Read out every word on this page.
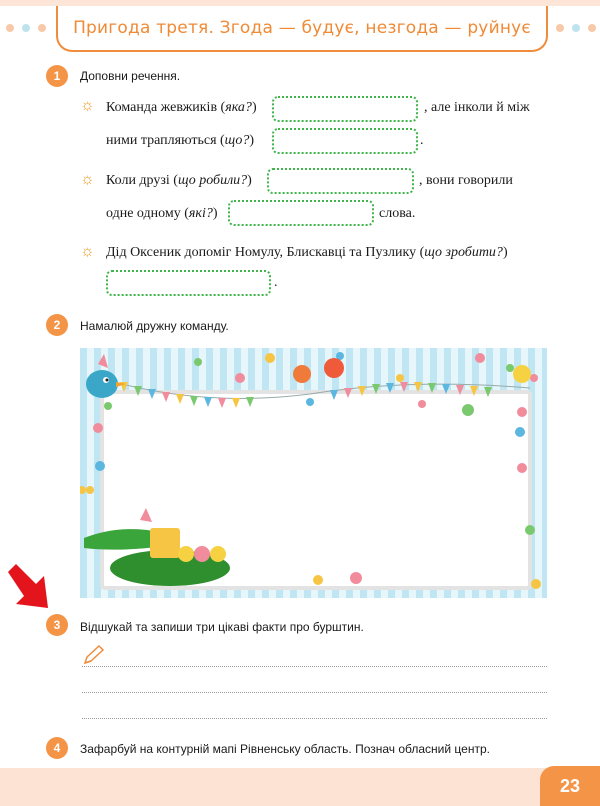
Пригода третя. Згода — будує, незгода — руйнує
1	Доповни речення.
☼ Команда жевжиків (яка?)	, але інколи й між
ними трапляються (що?)	.
☼ Коли друзі (що робили?)	, вони говорили
одне одному (які?)	слова.
☼ Дід Оксеник допоміг Номулу, Блискавці та Пузлику (що зробити?)
.
2	Намалюй дружну команду.
3	Відшукай та запиши три цікаві факти про бурштин.
4	Зафарбуй на контурній мапі Рівненську область. Познач обласний центр.
23
